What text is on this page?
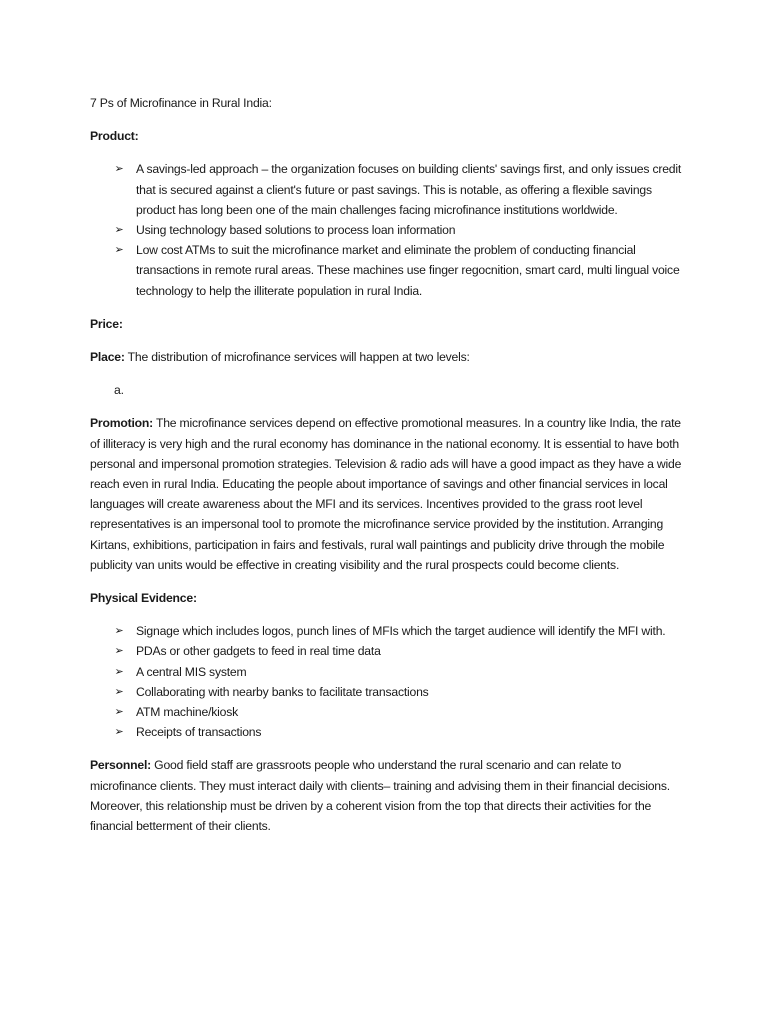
7 Ps of Microfinance in Rural India:

Product:

➢ A savings-led approach – the organization focuses on building clients' savings first, and only issues credit that is secured against a client's future or past savings. This is notable, as offering a flexible savings product has long been one of the main challenges facing microfinance institutions worldwide.
➢ Using technology based solutions to process loan information
➢ Low cost ATMs to suit the microfinance market and eliminate the problem of conducting financial transactions in remote rural areas. These machines use finger regocnition, smart card, multi lingual voice technology to help the illiterate population in rural India.

Price:

Place: The distribution of microfinance services will happen at two levels:

a.

Promotion: The microfinance services depend on effective promotional measures. In a country like India, the rate of illiteracy is very high and the rural economy has dominance in the national economy. It is essential to have both personal and impersonal promotion strategies. Television & radio ads will have a good impact as they have a wide reach even in rural India. Educating the people about importance of savings and other financial services in local languages will create awareness about the MFI and its services. Incentives provided to the grass root level representatives is an impersonal tool to promote the microfinance service provided by the institution. Arranging Kirtans, exhibitions, participation in fairs and festivals, rural wall paintings and publicity drive through the mobile publicity van units would be effective in creating visibility and the rural prospects could become clients.

Physical Evidence:

➢ Signage which includes logos, punch lines of MFIs which the target audience will identify the MFI with.
➢ PDAs or other gadgets to feed in real time data
➢ A central MIS system
➢ Collaborating with nearby banks to facilitate transactions
➢ ATM machine/kiosk
➢ Receipts of transactions

Personnel: Good field staff are grassroots people who understand the rural scenario and can relate to microfinance clients. They must interact daily with clients– training and advising them in their financial decisions. Moreover, this relationship must be driven by a coherent vision from the top that directs their activities for the financial betterment of their clients.
